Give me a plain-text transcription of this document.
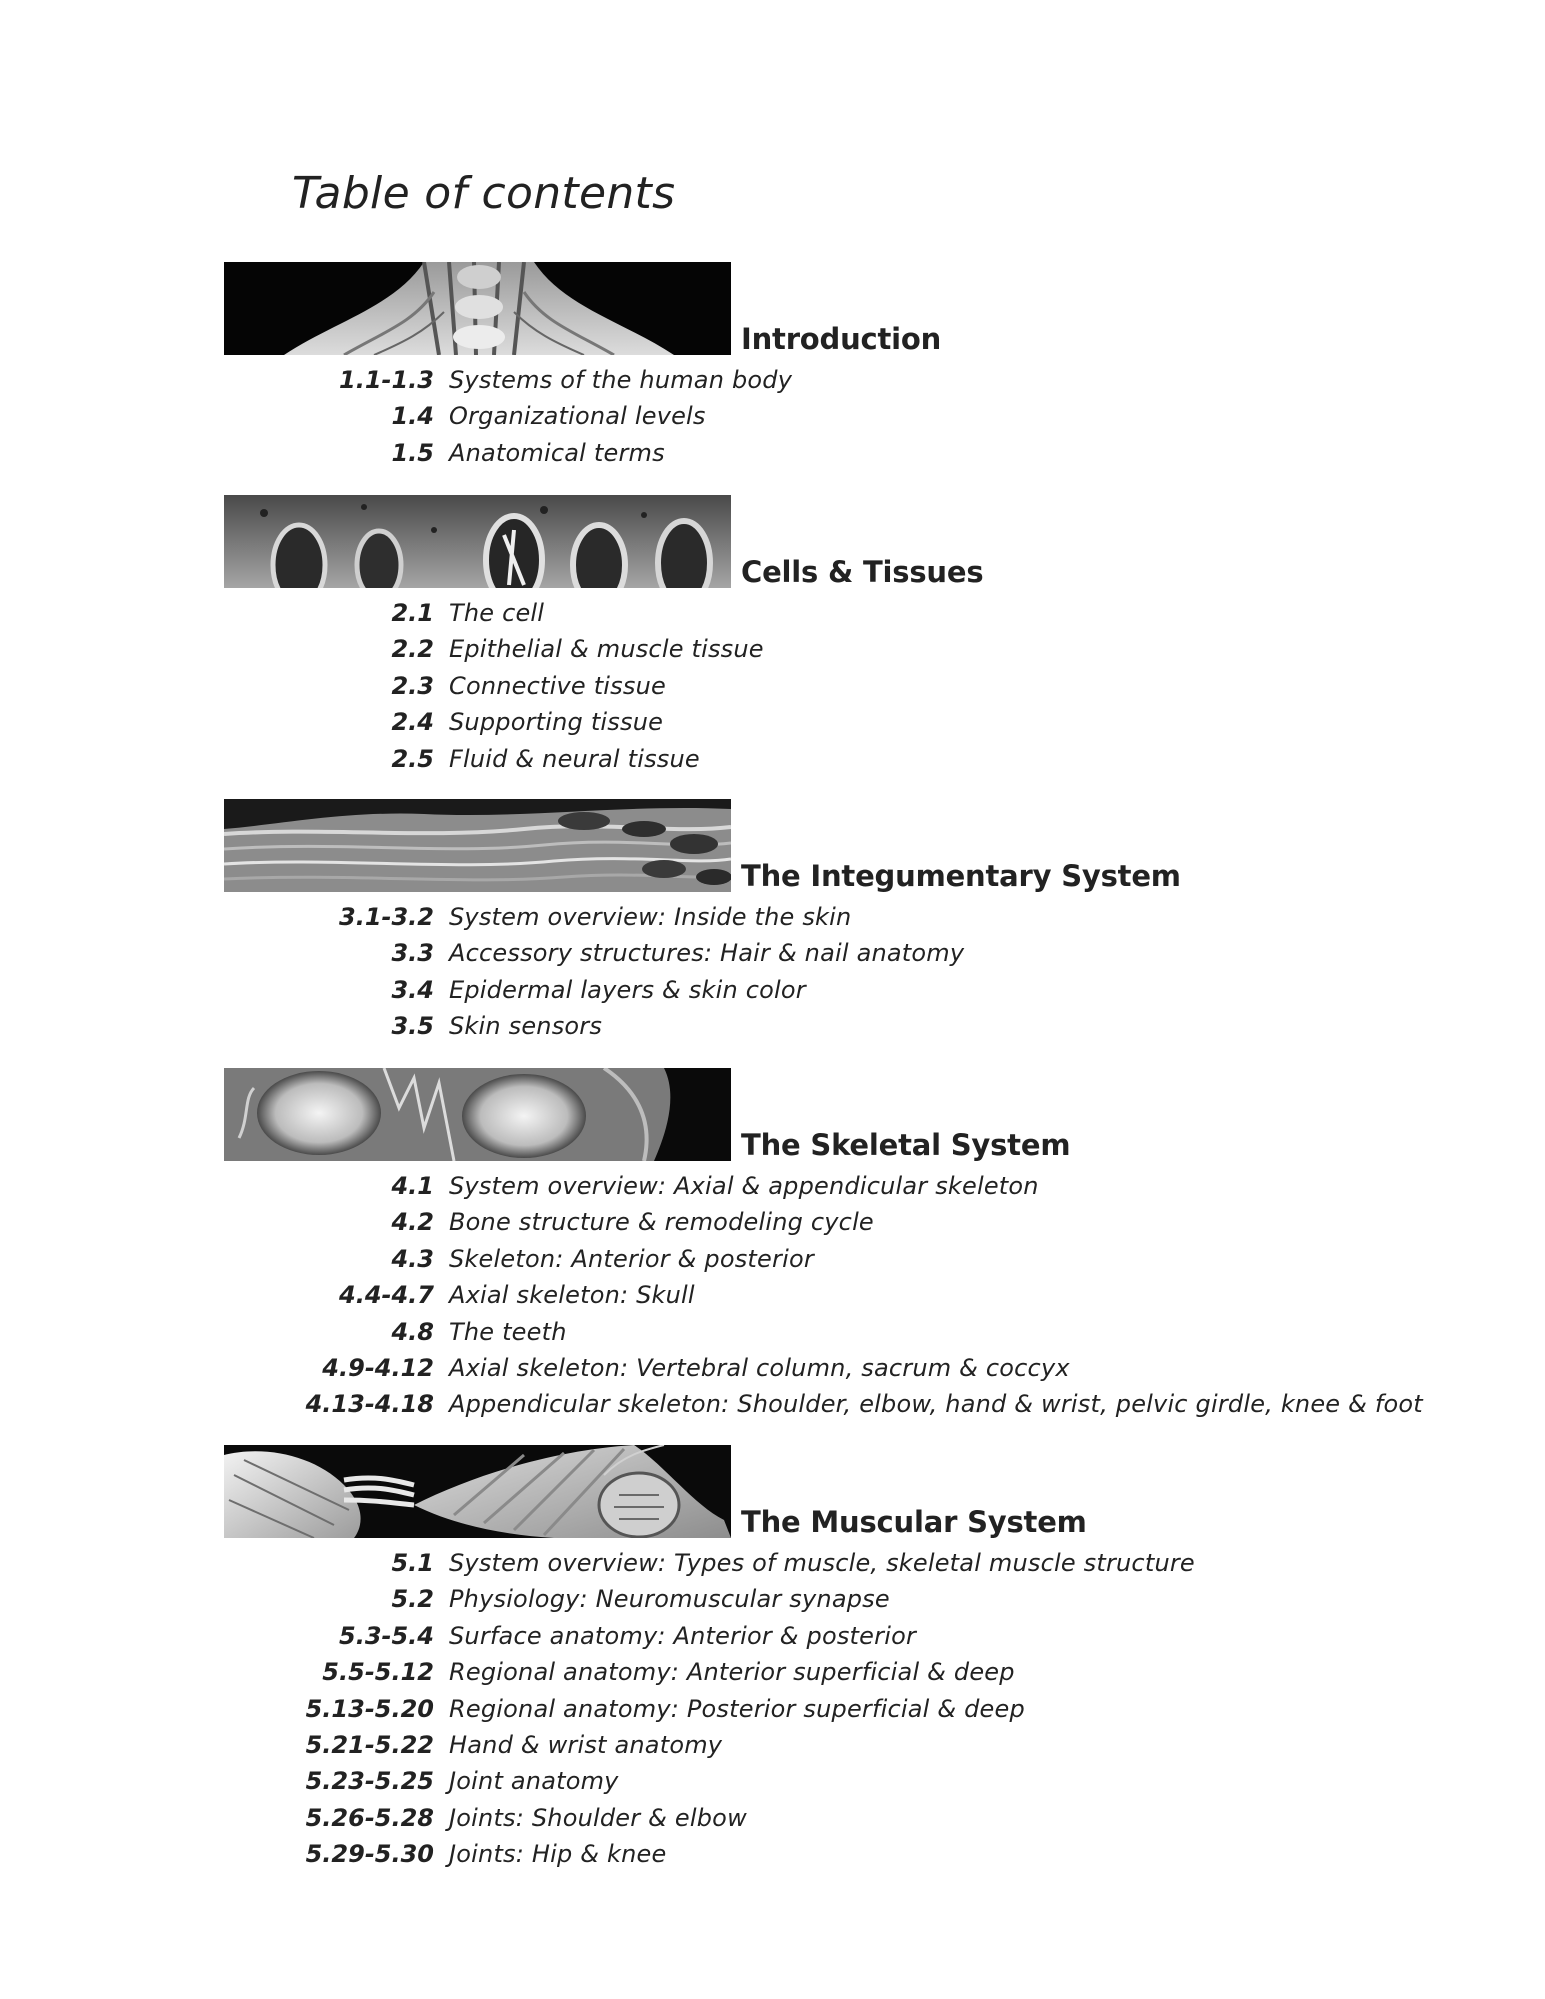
Table of contents
Introduction
1.1-1.3 Systems of the human body
1.4 Organizational levels
1.5 Anatomical terms
Cells & Tissues
2.1 The cell
2.2 Epithelial & muscle tissue
2.3 Connective tissue
2.4 Supporting tissue
2.5 Fluid & neural tissue
The Integumentary System
3.1-3.2 System overview: Inside the skin
3.3 Accessory structures: Hair & nail anatomy
3.4 Epidermal layers & skin color
3.5 Skin sensors
The Skeletal System
4.1 System overview: Axial & appendicular skeleton
4.2 Bone structure & remodeling cycle
4.3 Skeleton: Anterior & posterior
4.4-4.7 Axial skeleton: Skull
4.8 The teeth
4.9-4.12 Axial skeleton: Vertebral column, sacrum & coccyx
4.13-4.18 Appendicular skeleton: Shoulder, elbow, hand & wrist, pelvic girdle, knee & foot
The Muscular System
5.1 System overview: Types of muscle, skeletal muscle structure
5.2 Physiology: Neuromuscular synapse
5.3-5.4 Surface anatomy: Anterior & posterior
5.5-5.12 Regional anatomy: Anterior superficial & deep
5.13-5.20 Regional anatomy: Posterior superficial & deep
5.21-5.22 Hand & wrist anatomy
5.23-5.25 Joint anatomy
5.26-5.28 Joints: Shoulder & elbow
5.29-5.30 Joints: Hip & knee
